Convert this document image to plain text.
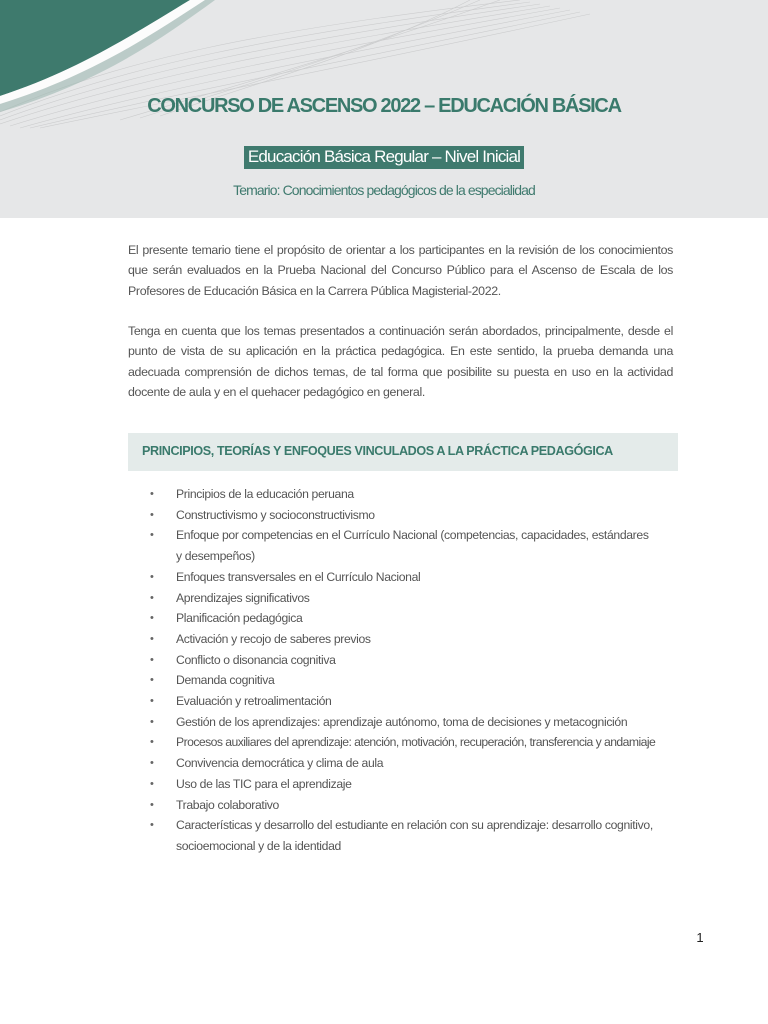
CONCURSO DE ASCENSO 2022 – EDUCACIÓN BÁSICA
Educación Básica Regular – Nivel Inicial
Temario: Conocimientos pedagógicos de la especialidad

El presente temario tiene el propósito de orientar a los participantes en la revisión de los conocimientos que serán evaluados en la Prueba Nacional del Concurso Público para el Ascenso de Escala de los Profesores de Educación Básica en la Carrera Pública Magisterial-2022.

Tenga en cuenta que los temas presentados a continuación serán abordados, principalmente, desde el punto de vista de su aplicación en la práctica pedagógica. En este sentido, la prueba demanda una adecuada comprensión de dichos temas, de tal forma que posibilite su puesta en uso en la actividad docente de aula y en el quehacer pedagógico en general.

PRINCIPIOS, TEORÍAS Y ENFOQUES VINCULADOS A LA PRÁCTICA PEDAGÓGICA
• Principios de la educación peruana
• Constructivismo y socioconstructivismo
• Enfoque por competencias en el Currículo Nacional (competencias, capacidades, estándares y desempeños)
• Enfoques transversales en el Currículo Nacional
• Aprendizajes significativos
• Planificación pedagógica
• Activación y recojo de saberes previos
• Conflicto o disonancia cognitiva
• Demanda cognitiva
• Evaluación y retroalimentación
• Gestión de los aprendizajes: aprendizaje autónomo, toma de decisiones y metacognición
• Procesos auxiliares del aprendizaje: atención, motivación, recuperación, transferencia y andamiaje
• Convivencia democrática y clima de aula
• Uso de las TIC para el aprendizaje
• Trabajo colaborativo
• Características y desarrollo del estudiante en relación con su aprendizaje: desarrollo cognitivo, socioemocional y de la identidad
1
